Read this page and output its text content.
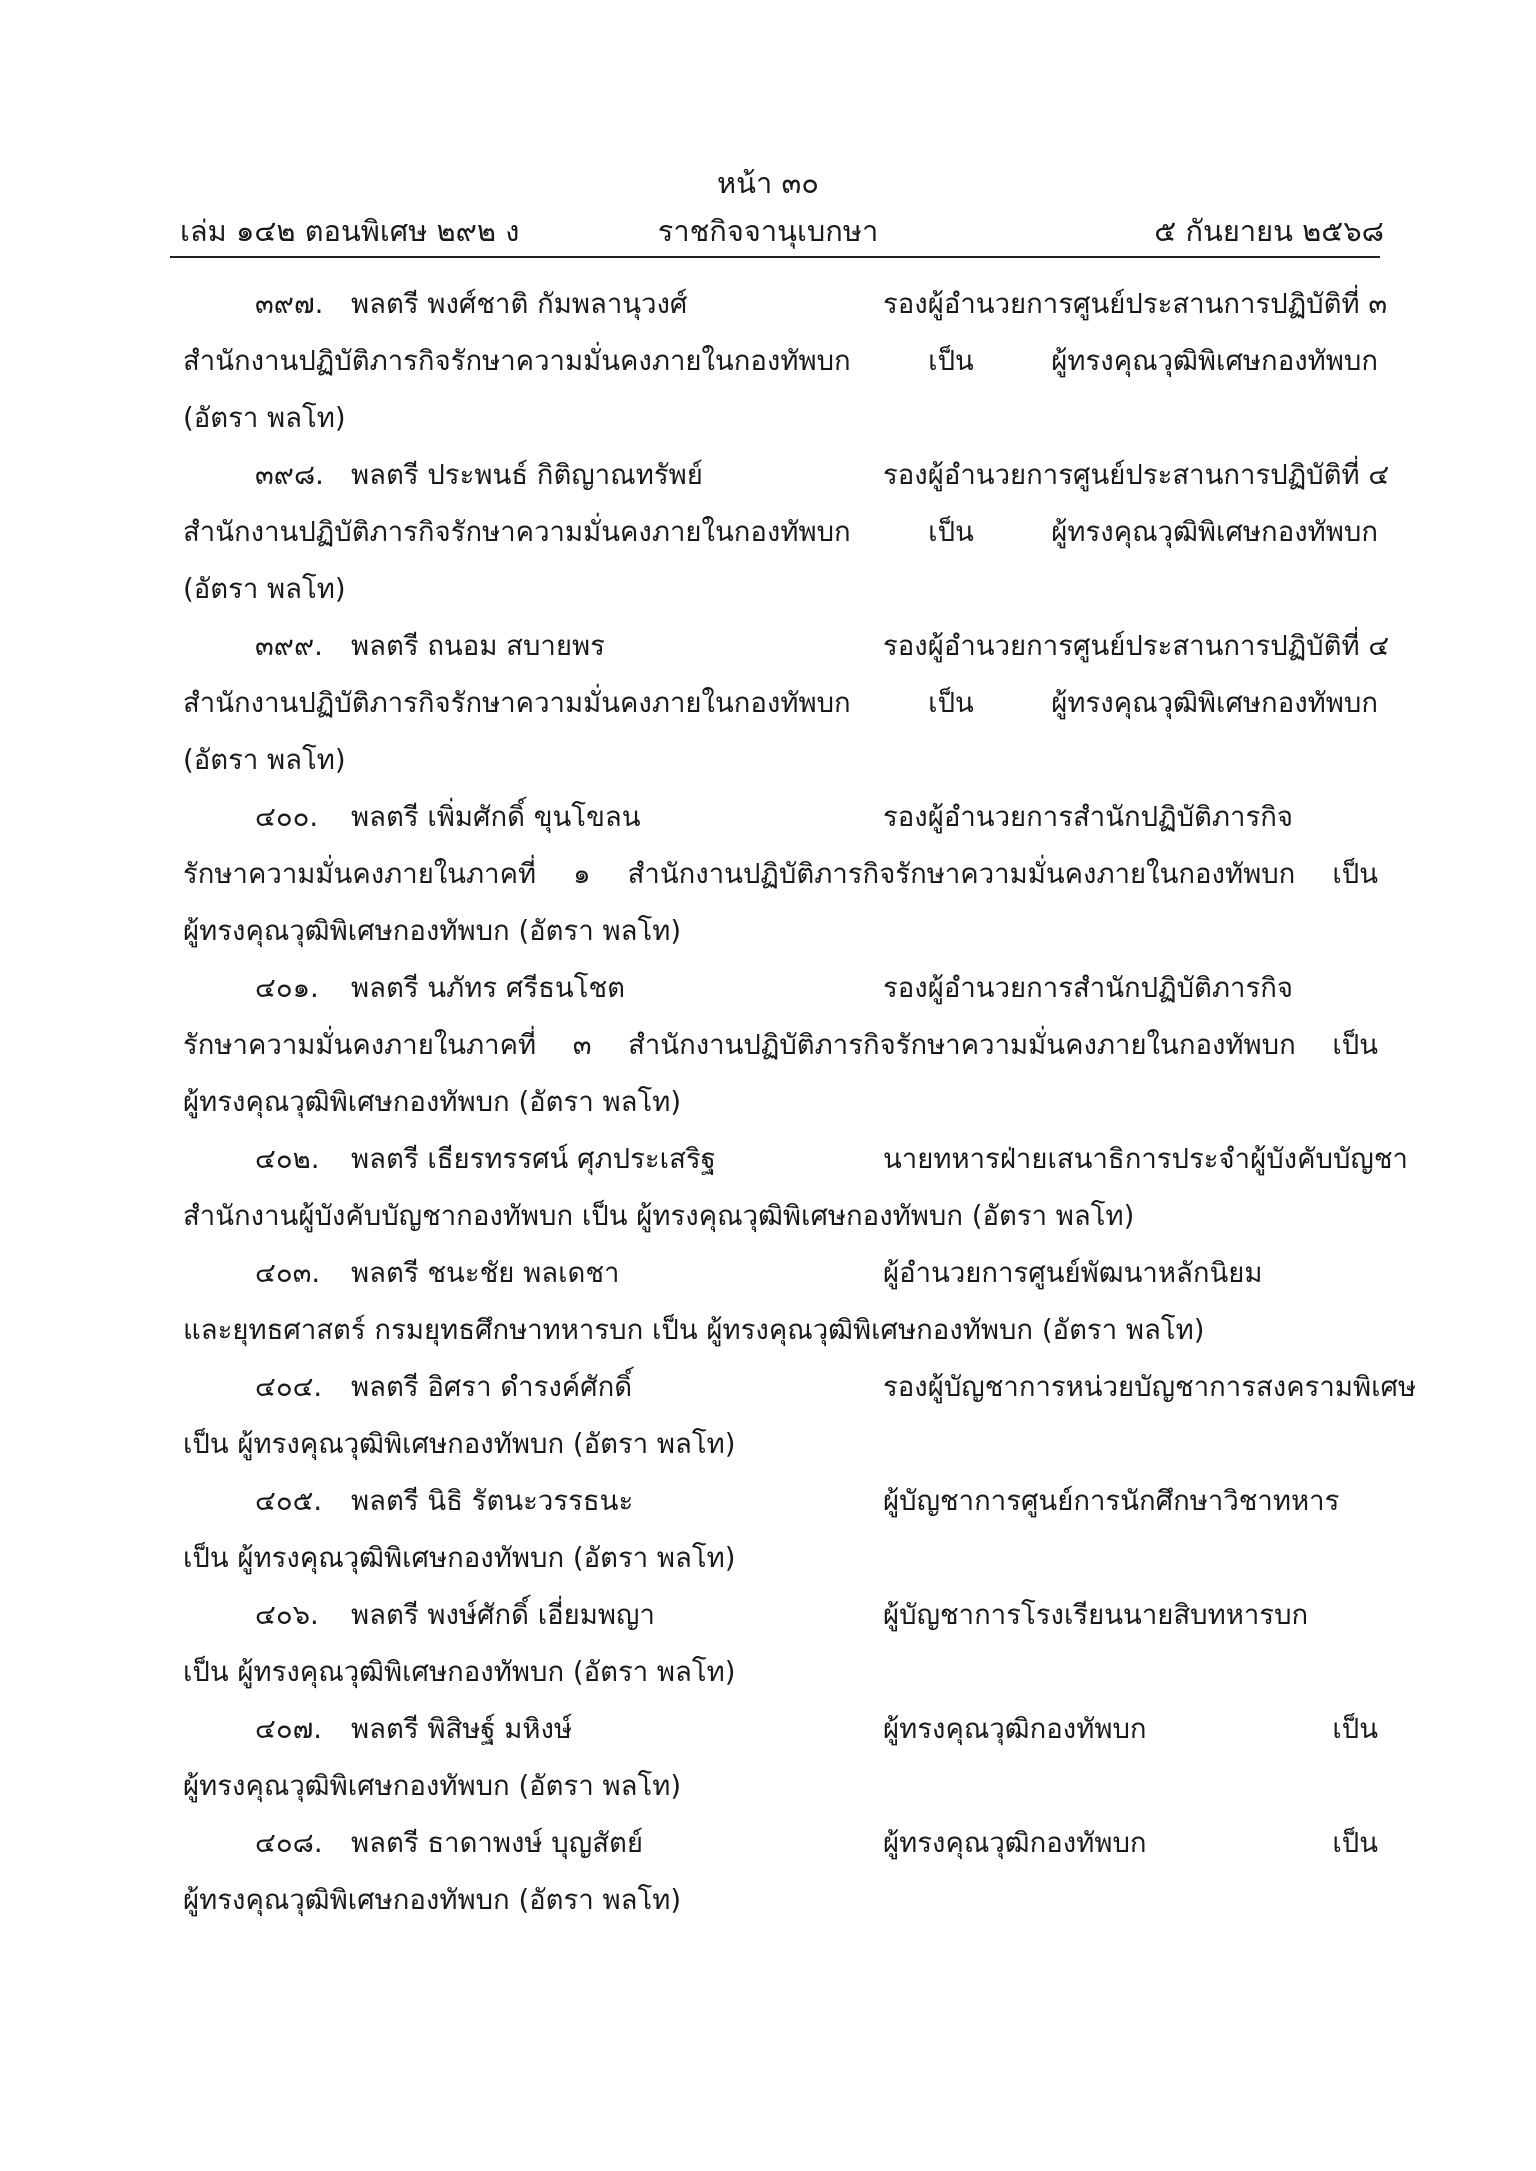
หน้า ๓๐
เล่ม ๑๔๒ ตอนพิเศษ ๒๙๒ ง	ราชกิจจานุเบกษา	๕ กันยายน ๒๕๖๘
๓๙๗. พลตรี พงศ์ชาติ กัมพลานุวงศ์	รองผู้อำนวยการศูนย์ประสานการปฏิบัติที่ ๓
สำนักงานปฏิบัติภารกิจรักษาความมั่นคงภายในกองทัพบก เป็น ผู้ทรงคุณวุฒิพิเศษกองทัพบก
(อัตรา พลโท)
๓๙๘. พลตรี ประพนธ์ กิติญาณทรัพย์	รองผู้อำนวยการศูนย์ประสานการปฏิบัติที่ ๔
สำนักงานปฏิบัติภารกิจรักษาความมั่นคงภายในกองทัพบก เป็น ผู้ทรงคุณวุฒิพิเศษกองทัพบก
(อัตรา พลโท)
๓๙๙. พลตรี ถนอม สบายพร	รองผู้อำนวยการศูนย์ประสานการปฏิบัติที่ ๔
สำนักงานปฏิบัติภารกิจรักษาความมั่นคงภายในกองทัพบก เป็น ผู้ทรงคุณวุฒิพิเศษกองทัพบก
(อัตรา พลโท)
๔๐๐. พลตรี เพิ่มศักดิ์ ขุนโขลน	รองผู้อำนวยการสำนักปฏิบัติภารกิจ
รักษาความมั่นคงภายในภาคที่ ๑ สำนักงานปฏิบัติภารกิจรักษาความมั่นคงภายในกองทัพบก เป็น
ผู้ทรงคุณวุฒิพิเศษกองทัพบก (อัตรา พลโท)
๔๐๑. พลตรี นภัทร ศรีธนโชต	รองผู้อำนวยการสำนักปฏิบัติภารกิจ
รักษาความมั่นคงภายในภาคที่ ๓ สำนักงานปฏิบัติภารกิจรักษาความมั่นคงภายในกองทัพบก เป็น
ผู้ทรงคุณวุฒิพิเศษกองทัพบก (อัตรา พลโท)
๔๐๒. พลตรี เธียรทรรศน์ ศุภประเสริฐ	นายทหารฝ่ายเสนาธิการประจำผู้บังคับบัญชา
สำนักงานผู้บังคับบัญชากองทัพบก เป็น ผู้ทรงคุณวุฒิพิเศษกองทัพบก (อัตรา พลโท)
๔๐๓. พลตรี ชนะชัย พลเดชา	ผู้อำนวยการศูนย์พัฒนาหลักนิยม
และยุทธศาสตร์ กรมยุทธศึกษาทหารบก เป็น ผู้ทรงคุณวุฒิพิเศษกองทัพบก (อัตรา พลโท)
๔๐๔. พลตรี อิศรา ดำรงค์ศักดิ์	รองผู้บัญชาการหน่วยบัญชาการสงครามพิเศษ
เป็น ผู้ทรงคุณวุฒิพิเศษกองทัพบก (อัตรา พลโท)
๔๐๕. พลตรี นิธิ รัตนะวรรธนะ	ผู้บัญชาการศูนย์การนักศึกษาวิชาทหาร
เป็น ผู้ทรงคุณวุฒิพิเศษกองทัพบก (อัตรา พลโท)
๔๐๖. พลตรี พงษ์ศักดิ์ เอี่ยมพญา	ผู้บัญชาการโรงเรียนนายสิบทหารบก
เป็น ผู้ทรงคุณวุฒิพิเศษกองทัพบก (อัตรา พลโท)
๔๐๗. พลตรี พิสิษฐ์ มหิงษ์	ผู้ทรงคุณวุฒิกองทัพบก เป็น
ผู้ทรงคุณวุฒิพิเศษกองทัพบก (อัตรา พลโท)
๔๐๘. พลตรี ธาดาพงษ์ บุญสัตย์	ผู้ทรงคุณวุฒิกองทัพบก เป็น
ผู้ทรงคุณวุฒิพิเศษกองทัพบก (อัตรา พลโท)
